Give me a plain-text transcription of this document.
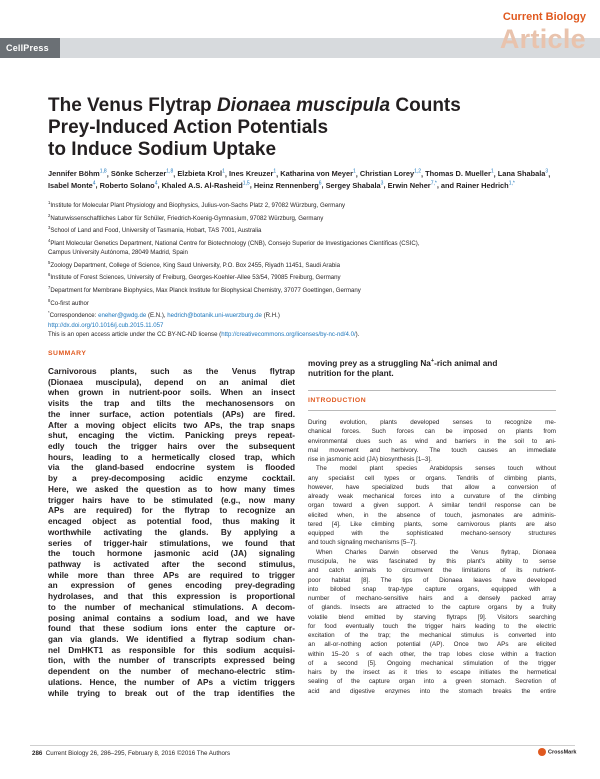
CellPress
Current Biology
Article
The Venus Flytrap Dionaea muscipula Counts
Prey-Induced Action Potentials
to Induce Sodium Uptake
Jennifer Böhm$^{1,8}$, Sönke Scherzer$^{1,8}$, Elzbieta Krol$^1$, Ines Kreuzer$^1$, Katharina von Meyer$^1$, Christian Lorey$^{1,2}$, Thomas D. Mueller$^1$, Lana Shabala$^3$, Isabel Monte$^4$, Roberto Solano$^4$, Khaled A.S. Al-Rasheid$^{1,5}$, Heinz Rennenberg$^6$, Sergey Shabala$^3$, Erwin Neher$^{7,*}$, and Rainer Hedrich$^{1,*}$
$^1$Institute for Molecular Plant Physiology and Biophysics, Julius-von-Sachs Platz 2, 97082 Würzburg, Germany
$^2$Naturwissenschaftliches Labor für Schüler, Friedrich-Koenig-Gymnasium, 97082 Würzburg, Germany
$^3$School of Land and Food, University of Tasmania, Hobart, TAS 7001, Australia
$^4$Plant Molecular Genetics Department, National Centre for Biotechnology (CNB), Consejo Superior de Investigaciones Científicas (CSIC),
Campus University Autónoma, 28049 Madrid, Spain
$^5$Zoology Department, College of Science, King Saud University, P.O. Box 2455, Riyadh 11451, Saudi Arabia
$^6$Institute of Forest Sciences, University of Freiburg, Georges-Koehler-Allee 53/54, 79085 Freiburg, Germany
$^7$Department for Membrane Biophysics, Max Planck Institute for Biophysical Chemistry, 37077 Goettingen, Germany
$^8$Co-first author
*Correspondence: eneher@gwdg.de (E.N.), hedrich@botanik.uni-wuerzburg.de (R.H.)
http://dx.doi.org/10.1016/j.cub.2015.11.057
This is an open access article under the CC BY-NC-ND license (http://creativecommons.org/licenses/by-nc-nd/4.0/).
SUMMARY
Carnivorous plants, such as the Venus flytrap
(Dionaea muscipula), depend on an animal diet
when grown in nutrient-poor soils. When an insect
visits the trap and tilts the mechanosensors on
the inner surface, action potentials (APs) are fired.
After a moving object elicits two APs, the trap snaps
shut, encaging the victim. Panicking preys repeat-
edly touch the trigger hairs over the subsequent
hours, leading to a hermetically closed trap, which
via the gland-based endocrine system is flooded
by a prey-decomposing acidic enzyme cocktail.
Here, we asked the question as to how many times
trigger hairs have to be stimulated (e.g., now many
APs are required) for the flytrap to recognize an
encaged object as potential food, thus making it
worthwhile activating the glands. By applying a
series of trigger-hair stimulations, we found that
the touch hormone jasmonic acid (JA) signaling
pathway is activated after the second stimulus,
while more than three APs are required to trigger
an expression of genes encoding prey-degrading
hydrolases, and that this expression is proportional
to the number of mechanical stimulations. A decom-
posing animal contains a sodium load, and we have
found that these sodium ions enter the capture or-
gan via glands. We identified a flytrap sodium chan-
nel DmHKT1 as responsible for this sodium acquisi-
tion, with the number of transcripts expressed being
dependent on the number of mechano-electric stim-
ulations. Hence, the number of APs a victim triggers
while trying to break out of the trap identifies the
moving prey as a struggling Na+-rich animal and
nutrition for the plant.
INTRODUCTION
During evolution, plants developed senses to recognize me-
chanical forces. Such forces can be imposed on plants from
environmental clues such as wind and barriers in the soil to ani-
mal movement and herbivory. The touch causes an immediate
rise in jasmonic acid (JA) biosynthesis [1–3].
The model plant species Arabidopsis senses touch without
any specialist cell types or organs. Tendrils of climbing plants,
however, have specialized buds that allow a conversion of
already weak mechanical forces into a curvature of the climbing
organ toward a given support. A similar tendril response can be
elicited when, in the absence of touch, jasmonates are adminis-
tered [4]. Like climbing plants, some carnivorous plants are also
equipped with the sophisticated mechano-sensory structures
and touch signaling mechanisms [5–7].
When Charles Darwin observed the Venus flytrap, Dionaea
muscipula, he was fascinated by this plant's ability to sense
and catch animals to circumvent the limitations of its nutrient-
poor habitat [8]. The tips of Dionaea leaves have developed
into bilobed snap trap-type capture organs, equipped with a
number of mechano-sensitive hairs and a densely packed array
of glands. Insects are attracted to the capture organs by a fruity
volatile blend emitted by starving flytraps [9]. Visitors searching
for food eventually touch the trigger hairs leading to the electric
excitation of the trap; the mechanical stimulus is converted into
an all-or-nothing action potential (AP). Once two APs are elicited
within 15–20 s of each other, the trap lobes close within a fraction
of a second [5]. Ongoing mechanical stimulation of the trigger
hairs by the insect as it tries to escape initiates the hermetical
sealing of the capture organ into a green stomach. Secretion of
acid and digestive enzymes into the stomach breaks the entire
286 Current Biology 26, 286–295, February 8, 2016 ©2016 The Authors	CrossMark
